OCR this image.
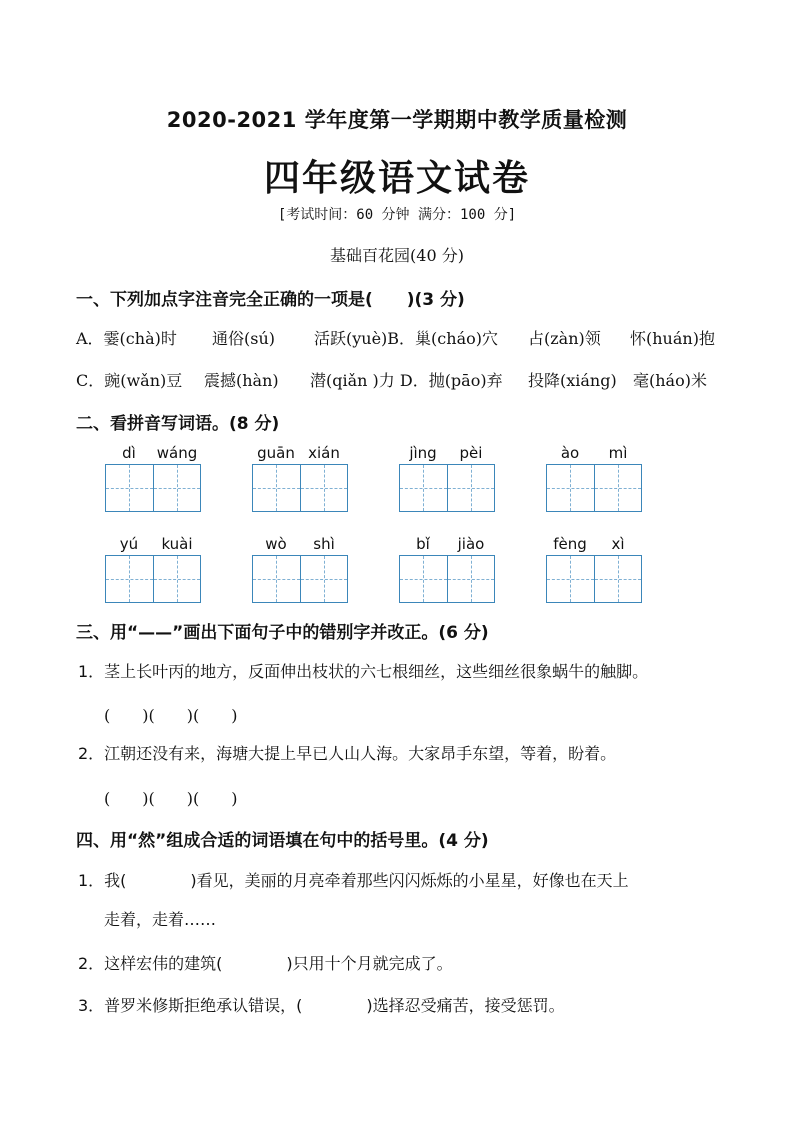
2020-2021 学年度第一学期期中教学质量检测
四年级语文试卷
[考试时间：60 分钟 满分：100 分]
基础百花园(40 分)
一、下列加点字注音完全正确的一项是(　　)(3 分)
A．霎(chà)时 通俗(sú) 活跃(yuè)B．巢(cháo)穴 占(zàn)领 怀(huán)抱
C．豌(wǎn)豆 震撼(hàn) 潜(qiǎn )力 D．抛(pāo)弃 投降(xiáng) 毫(háo)米
二、看拼音写词语。(8 分)
dì	wáng	guān xián	jìng	pèi	ào	mì
yú	kuài	wò	shì	bǐ	jiào	fèng	xì
三、用“——”画出下面句子中的错别字并改正。(6 分)
1．茎上长叶丙的地方，反面伸出枝状的六七根细丝，这些细丝很象蜗牛的触脚。
(　　)(　　)(　　)
2．江朝还没有来，海塘大提上早已人山人海。大家昂手东望，等着，盼着。
(　　)(　　)(　　)
四、用“然”组成合适的词语填在句中的括号里。(4 分)
1．我(　　　　)看见，美丽的月亮牵着那些闪闪烁烁的小星星，好像也在天上
走着，走着……
2．这样宏伟的建筑(　　　　)只用十个月就完成了。
3．普罗米修斯拒绝承认错误，(　　　　)选择忍受痛苦，接受惩罚。
